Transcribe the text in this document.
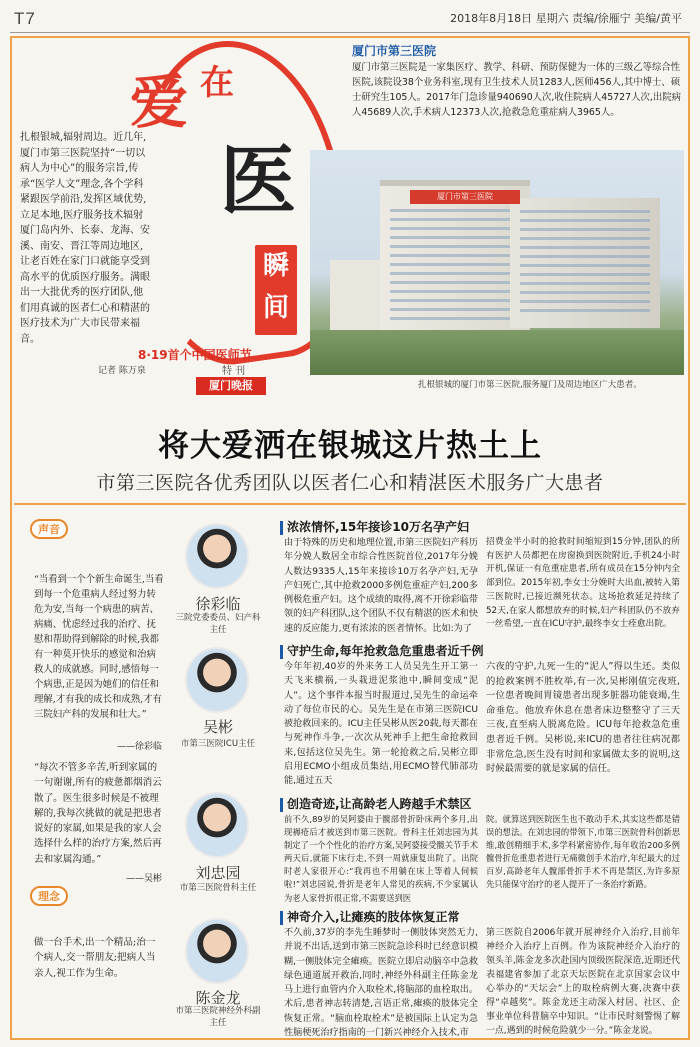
T7	2018年8月18日 星期六 责编/徐雁宁 美编/黄平
爱 在
医
瞬
间
8·19首个中国医师节
特 刊
厦门晚报
厦门市第三医院
厦门市第三医院是一家集医疗、教学、科研、预防保健为一体的三级乙等综合性医院,该院设38个业务科室,现有卫生技术人员1283人,医师456人,其中博士、硕士研究生105人。2017年门急诊量940690人次,收住院病人45727人次,出院病人45689人次,手术病人12373人次,抢救急危重症病人3965人。
扎根银城,辐射周边。近几年,厦门市第三医院坚持“一切以病人为中心”的服务宗旨,传承“医学人文”理念,各个学科紧跟医学前沿,发挥区域优势,立足本地,医疗服务技术辐射厦门岛内外、长泰、龙海、安溪、南安、晋江等周边地区,让老百姓在家门口就能享受到高水平的优质医疗服务。满眼出一大批优秀的医疗团队,他们用真诚的医者仁心和精湛的医疗技术为广大市民带来福音。
记者 陈万泉
厦门市第三医院
扎根银城的厦门市第三医院,服务厦门及周边地区广大患者。
将大爱洒在银城这片热土上
市第三医院各优秀团队以医者仁心和精湛医术服务广大患者
声音
“当看到一个个新生命诞生,当看到每一个危重病人经过努力转危为安,当每一个病患的病苦、病痛、忧虑经过我的治疗、抚慰和帮助得到解除的时候,我都有一种莫开快乐的感觉和治病救人的成就感。同时,感悟每一个病患,正是因为她们的信任和理解,才有我的成长和成熟,才有三院妇产科的发展和壮大。”
——徐彩临
“每次不管多辛苦,听到家属的一句谢谢,所有的疲惫都烟消云散了。医生很多时候是不被理解的,我每次挑做的就是把患者说好的家属,如果是我的家人会选择什么样的治疗方案,然后再去和家属沟通。”
——吴彬
理念
做一台手术,出一个精品;治一个病人,交一帮朋友;把病人当亲人,视工作为生命。
徐彩临
三院党委委员、妇产科主任
吴彬
市第三医院ICU主任
刘忠园
市第三医院骨科主任
陈金龙
市第三医院神经外科副主任
浓浓情怀,15年接诊10万名孕产妇
由于特殊的历史和地理位置,市第三医院妇产科历年分娩人数居全市综合性医院首位,2017年分娩人数达9335人,15年来接诊10万名孕产妇,无孕产妇死亡,其中抢救2000多例危重症产妇,200多例极危重产妇。这个成绩的取得,离不开徐彩临带领的妇产科团队,这个团队不仅有精湛的医术和快速的反应能力,更有浓浓的医者情怀。比如:为了
招费金半小时的抢救时间缩短到15分钟,团队的所有医护人员都把在房窗换到医院附近,手机24小时开机,保证一有危重症患者,所有成员在15分钟内全部到位。2015年初,李女士分娩时大出血,被转入第三医院时,已接近濒死状态。这场抢救延足持续了52天,在家人都想放弃的时候,妇产科团队仍不放弃一丝希望,一直在ICU守护,最终李女士痊愈出院。
守护生命,每年抢救急危重患者近千例
今年年初,40岁的外来务工人员吴先生开工第一天飞来横祸,一头栽进泥浆池中,瞬间变成“泥人”。这个事件本报当时报道过,吴先生的命运牵动了每位市民的心。吴先生是在市第三医院ICU被抢救回来的。ICU主任吴彬从医20载,每天都在与死神作斗争,一次次从死神手上把生命抢救回来,包括这位吴先生。第一轮抢救之后,吴彬立即启用ECMO小组成员集结,用ECMO替代肺部功能,通过五天
六夜的守护,九死一生的“泥人”得以生还。类似的抢救案例不胜枚举,有一次,吴彬刚值完夜班,一位患者晚间胃镜患者出现多脏器功能衰竭,生命垂危。他放弃休息在患者床边整整守了三天三夜,直至病人脱离危险。ICU每年抢救急危重患者近千例。吴彬说,来ICU的患者往往病况都非常危急,医生没有时间和家属做太多的说明,这时候最需要的就是家属的信任。
创造奇迹,让高龄老人跨越手术禁区
前不久,89岁的吴阿婆由于髋部骨折卧床两个多月,出现褥疮后才被送到市第三医院。骨科主任刘忠园为其制定了一个个性化的治疗方案,吴阿婆接受髋关节手术两天后,就能下床行走,不到一周就康复出院了。出院时老人家很开心:“我再也不用躺在床上等着人伺候啦!”刘忠园说,骨折是老年人常见的疾病,不少家属认为老人家骨折很正常,不需要送到医
院。就算送到医院医生也不敢动手术,其实这些都是错误的想法。在刘忠园的带领下,市第三医院骨科创新思维,敢创精细手术,多学科紧密协作,每年收治200多例髋骨折危重患者进行无痛微创手术治疗,年纪最大的过百岁,高龄老年人髋部骨折手术不再是禁区,为许多原先只能保守治疗的老人提开了一条治疗新路。
神奇介入,让瘫痪的肢体恢复正常
不久前,37岁的李先生睡梦时一侧肢体突然无力,并说不出话,送到市第三医院急诊科时已经意识模糊,一侧肢体完全瘫痪。医院立即启动脑卒中急救绿色通道展开救治,同时,神经外科副主任陈金龙马上进行血管内介入取栓术,将脑部的血栓取出。术后,患者神志转清楚,言语正常,瘫痪的肢体完全恢复正常。“脑血栓取栓术”是被国际上认定为急性脑梗死治疗指南的一门新兴神经介入技术,市
第三医院自2006年就开展神经介入治疗,目前年神经介入治疗上百例。作为该院神经介入治疗的领头羊,陈金龙多次赴国内顶级医院深造,近期还代表福建省参加了北京天坛医院在北京国家会议中心举办的“天坛会”上的取栓病例大赛,决赛中获得“卓越奖”。陈金龙还主动深入村居、社区、企事业单位科普脑卒中知识。“让市民时刻警惕了解一点,遇到的时候危险就少一分。”陈金龙说。
